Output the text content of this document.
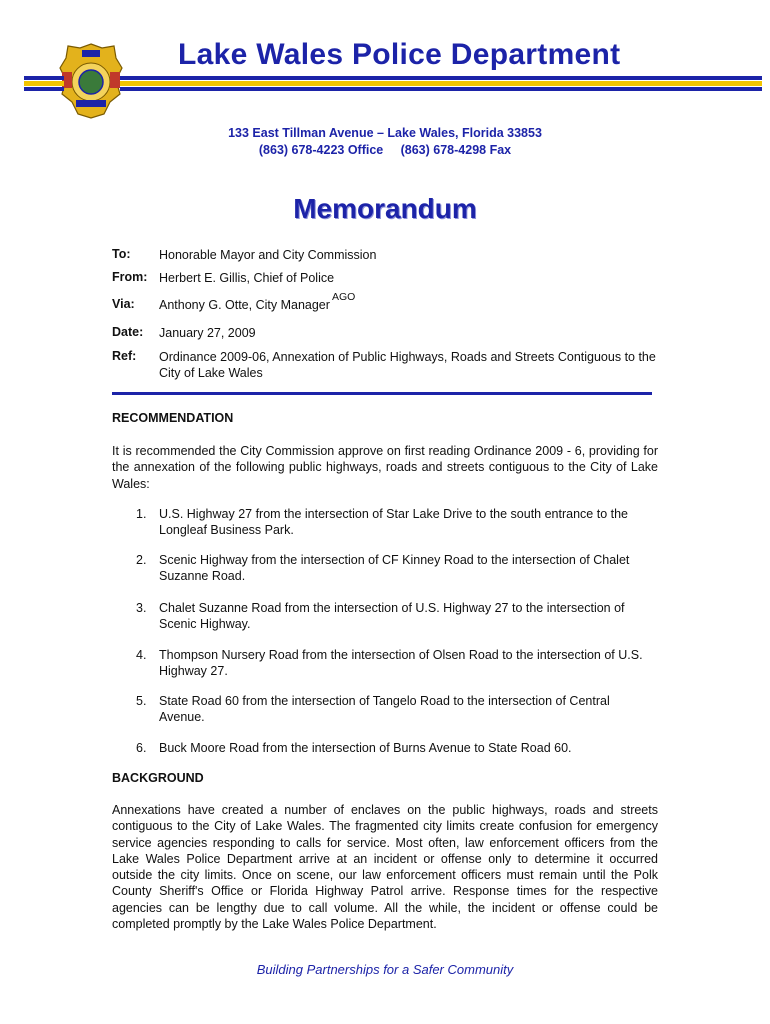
Lake Wales Police Department
133 East Tillman Avenue – Lake Wales, Florida 33853
(863) 678-4223 Office     (863) 678-4298 Fax
Memorandum
To: Honorable Mayor and City Commission
From: Herbert E. Gillis, Chief of Police
Via: Anthony G. Otte, City Manager
AGO
Date: January 27, 2009
Ref: Ordinance 2009-06, Annexation of Public Highways, Roads and Streets Contiguous to the City of Lake Wales
RECOMMENDATION
It is recommended the City Commission approve on first reading Ordinance 2009 - 6, providing for the annexation of the following public highways, roads and streets contiguous to the City of Lake Wales:
1. U.S. Highway 27 from the intersection of Star Lake Drive to the south entrance to the Longleaf Business Park.
2. Scenic Highway from the intersection of CF Kinney Road to the intersection of Chalet Suzanne Road.
3. Chalet Suzanne Road from the intersection of U.S. Highway 27 to the intersection of Scenic Highway.
4. Thompson Nursery Road from the intersection of Olsen Road to the intersection of U.S. Highway 27.
5. State Road 60 from the intersection of Tangelo Road to the intersection of Central Avenue.
6. Buck Moore Road from the intersection of Burns Avenue to State Road 60.
BACKGROUND
Annexations have created a number of enclaves on the public highways, roads and streets contiguous to the City of Lake Wales. The fragmented city limits create confusion for emergency service agencies responding to calls for service. Most often, law enforcement officers from the Lake Wales Police Department arrive at an incident or offense only to determine it occurred outside the city limits. Once on scene, our law enforcement officers must remain until the Polk County Sheriff's Office or Florida Highway Patrol arrive. Response times for the respective agencies can be lengthy due to call volume. All the while, the incident or offense could be completed promptly by the Lake Wales Police Department.
Building Partnerships for a Safer Community
